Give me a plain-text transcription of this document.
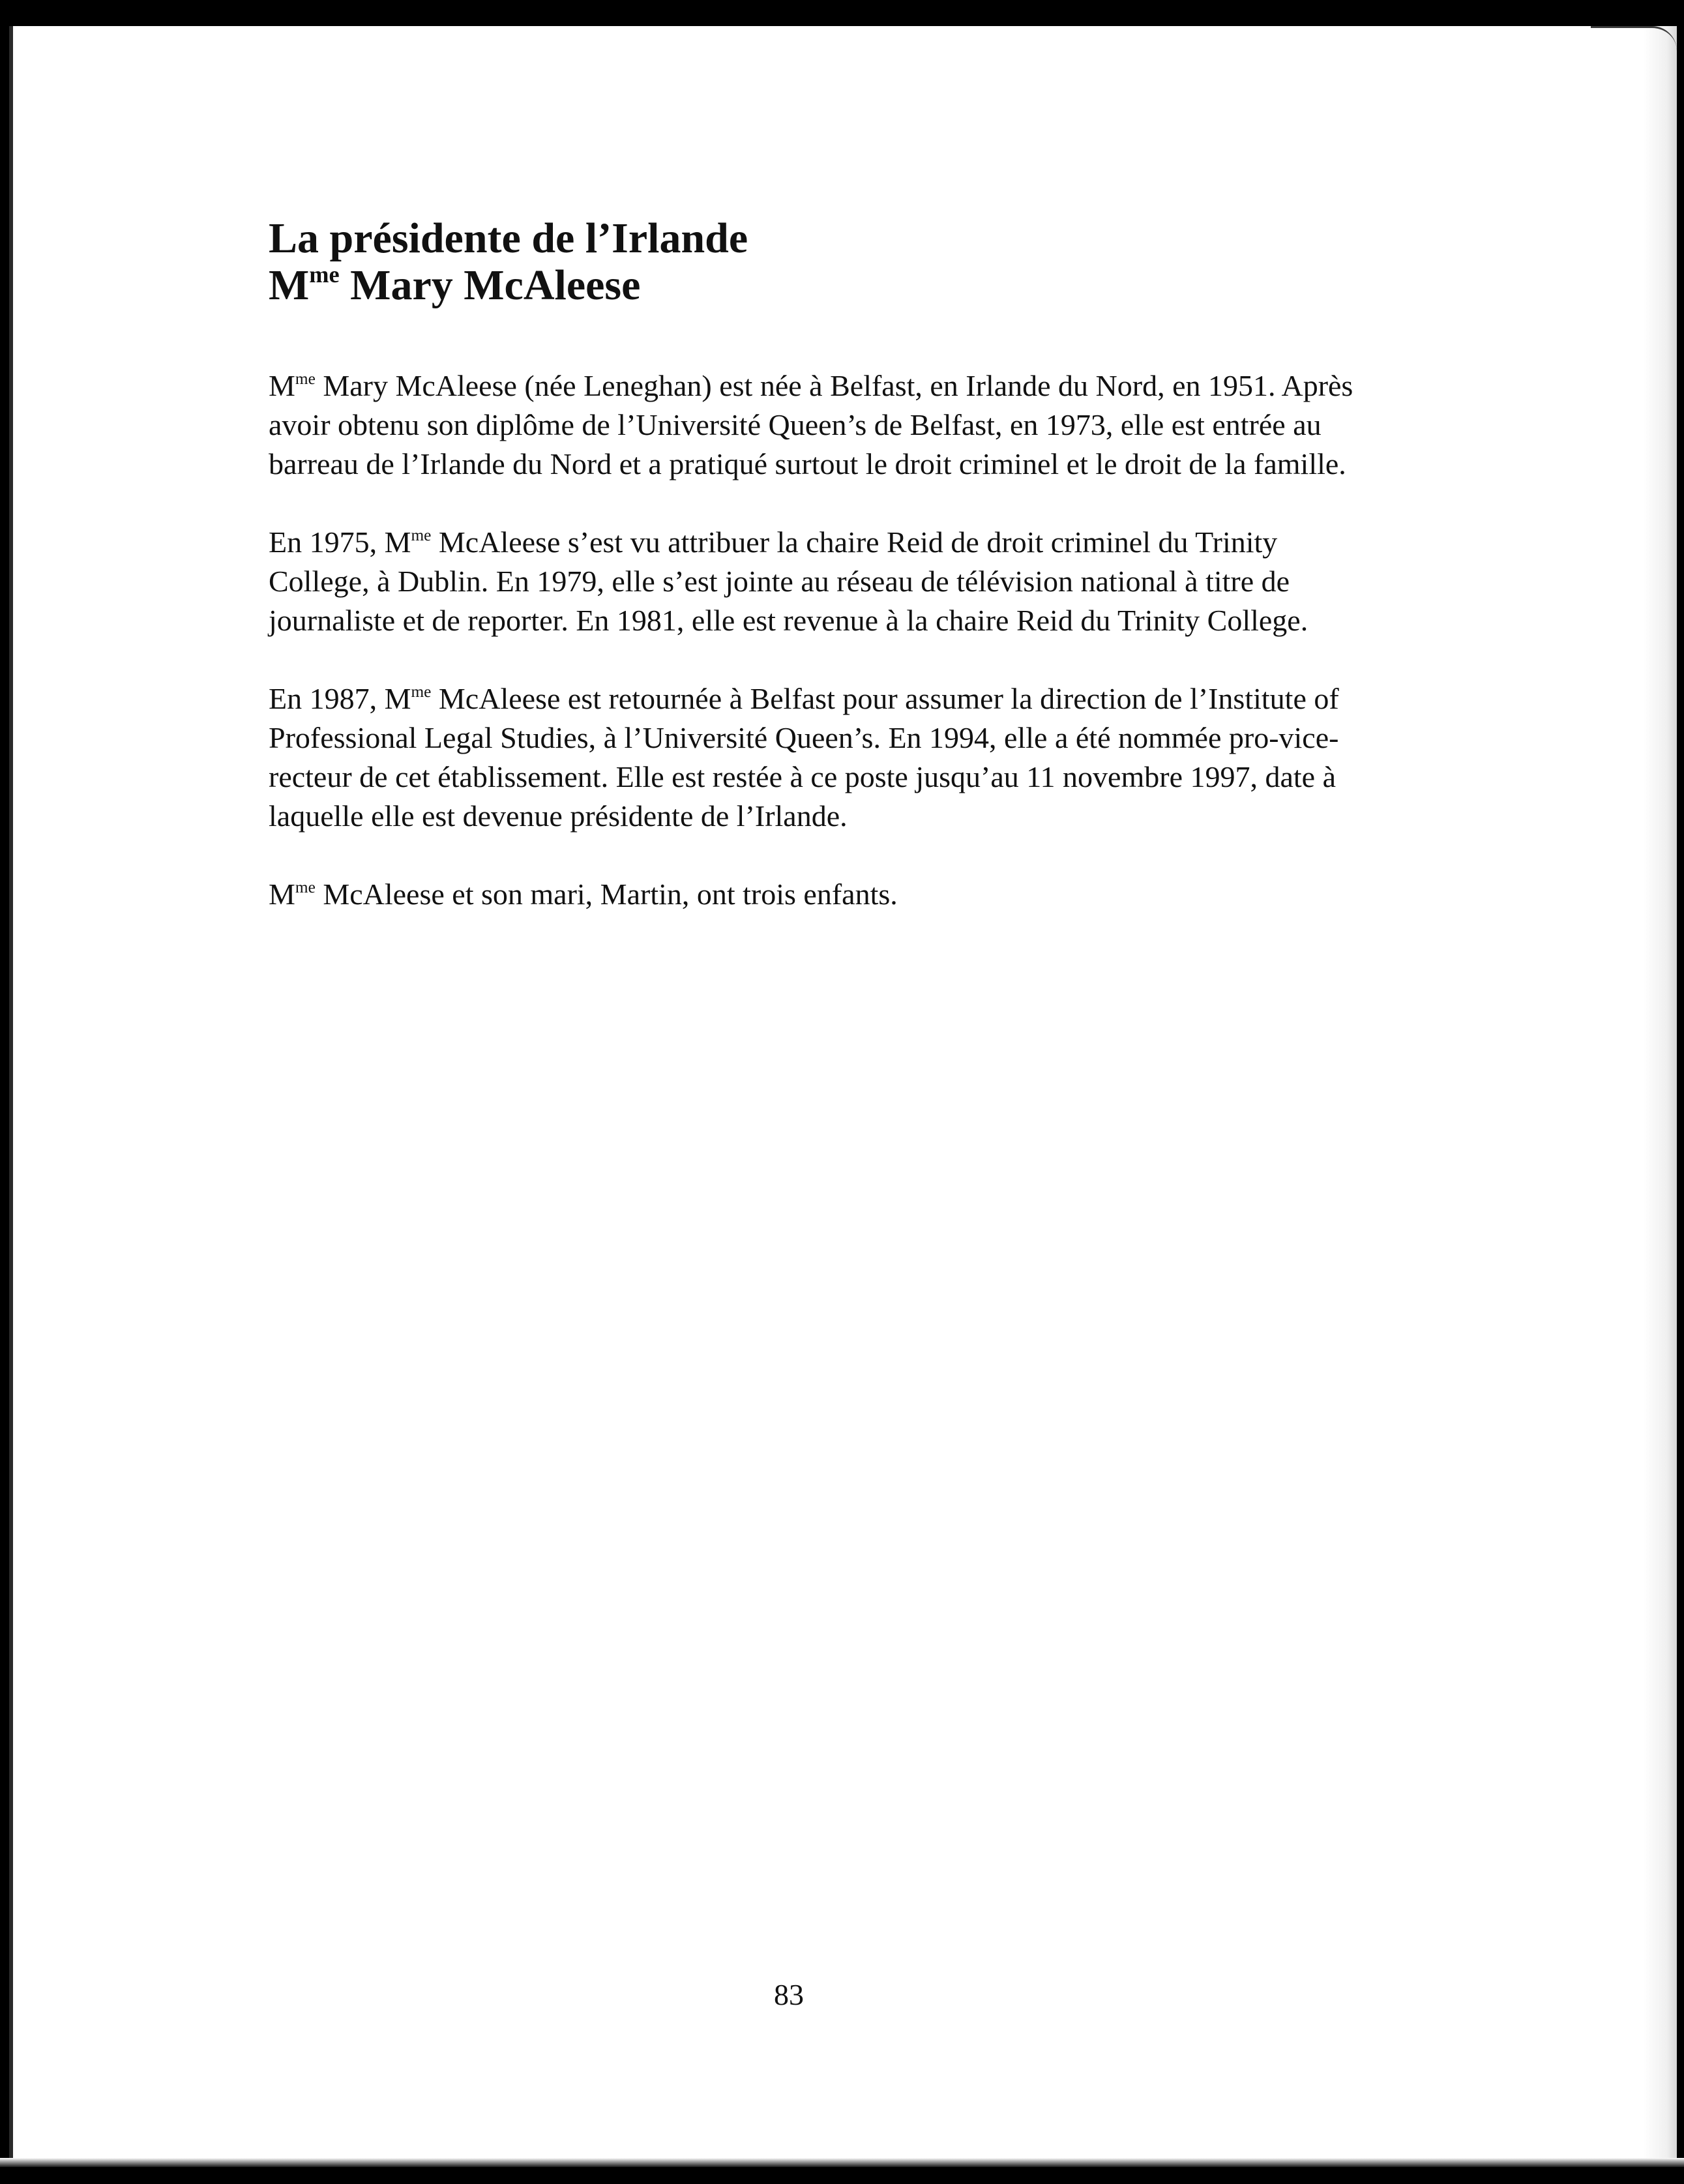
La présidente de l’Irlande
$M^{me}$ Mary McAleese

$M^{me}$ Mary McAleese (née Leneghan) est née à Belfast, en Irlande du Nord, en 1951. Après avoir obtenu son diplôme de l’Université Queen’s de Belfast, en 1973, elle est entrée au barreau de l’Irlande du Nord et a pratiqué surtout le droit criminel et le droit de la famille.

En 1975, $M^{me}$ McAleese s’est vu attribuer la chaire Reid de droit criminel du Trinity College, à Dublin. En 1979, elle s’est jointe au réseau de télévision national à titre de journaliste et de reporter. En 1981, elle est revenue à la chaire Reid du Trinity College.

En 1987, $M^{me}$ McAleese est retournée à Belfast pour assumer la direction de l’Institute of Professional Legal Studies, à l’Université Queen’s. En 1994, elle a été nommée pro-vice-recteur de cet établissement. Elle est restée à ce poste jusqu’au 11 novembre 1997, date à laquelle elle est devenue présidente de l’Irlande.

$M^{me}$ McAleese et son mari, Martin, ont trois enfants.

83
